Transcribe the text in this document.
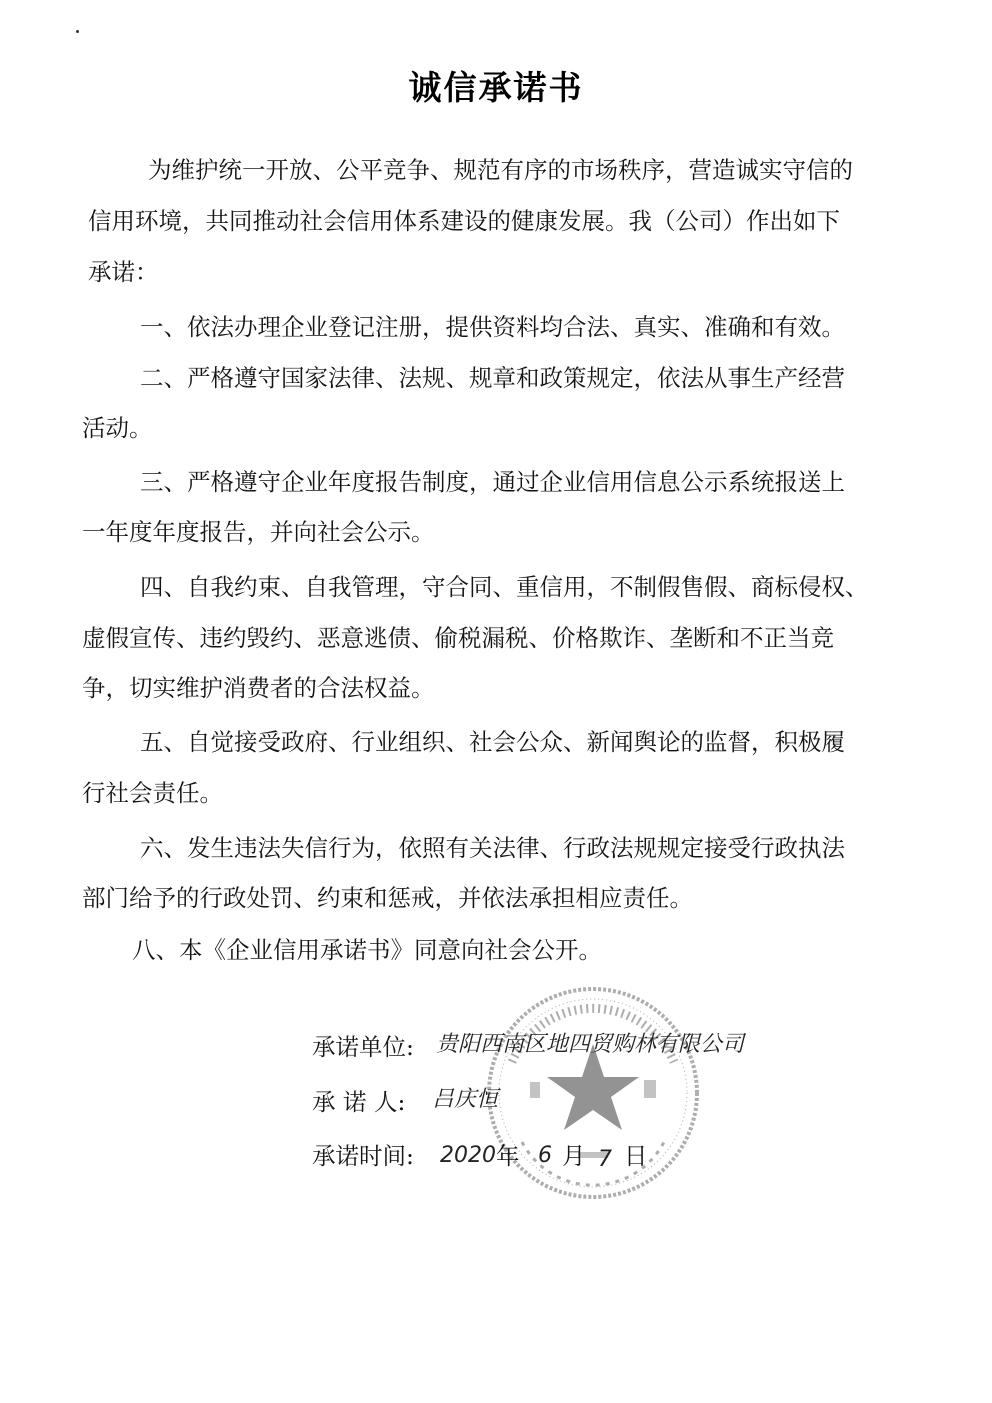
诚信承诺书
为维护统一开放、公平竞争、规范有序的市场秩序，营造诚实守信的
信用环境，共同推动社会信用体系建设的健康发展。我（公司）作出如下
承诺：
一、依法办理企业登记注册，提供资料均合法、真实、准确和有效。
二、严格遵守国家法律、法规、规章和政策规定，依法从事生产经营
活动。
三、严格遵守企业年度报告制度，通过企业信用信息公示系统报送上
一年度年度报告，并向社会公示。
四、自我约束、自我管理，守合同、重信用，不制假售假、商标侵权、
虚假宣传、违约毁约、恶意逃债、偷税漏税、价格欺诈、垄断和不正当竞
争，切实维护消费者的合法权益。
五、自觉接受政府、行业组织、社会公众、新闻舆论的监督，积极履
行社会责任。
六、发生违法失信行为，依照有关法律、行政法规规定接受行政执法
部门给予的行政处罚、约束和惩戒，并依法承担相应责任。
八、本《企业信用承诺书》同意向社会公开。
承诺单位: 贵阳西南区地四贸购林有限公司
承 诺 人: 吕庆恒
承诺时间: 2020 年 6 月 7 日
